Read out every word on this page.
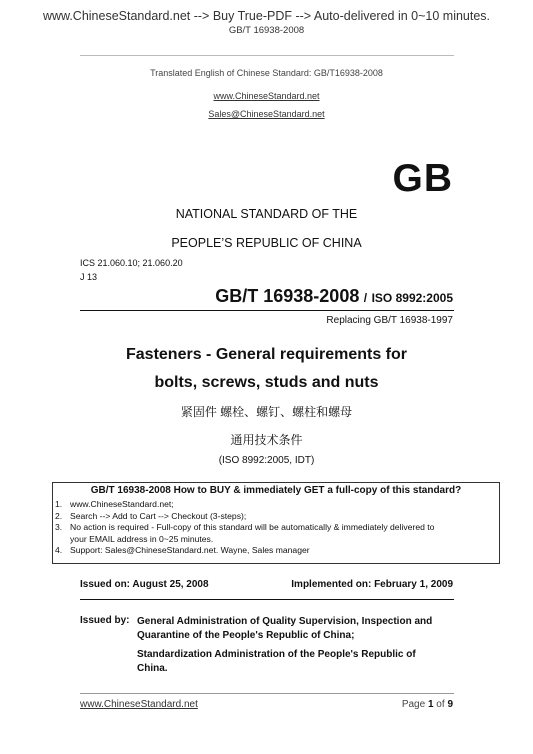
www.ChineseStandard.net --> Buy True-PDF --> Auto-delivered in 0~10 minutes.
GB/T 16938-2008
Translated English of Chinese Standard: GB/T16938-2008
www.ChineseStandard.net
Sales@ChineseStandard.net
GB
NATIONAL STANDARD OF THE
PEOPLE’S REPUBLIC OF CHINA
ICS 21.060.10; 21.060.20
J 13
GB/T 16938-2008 / ISO 8992:2005
Replacing GB/T 16938-1997
Fasteners - General requirements for
bolts, screws, studs and nuts
紧固件 螺栓、螺钉、螺柱和螺母
通用技术条件
(ISO 8992:2005, IDT)
GB/T 16938-2008 How to BUY & immediately GET a full-copy of this standard?
1. www.ChineseStandard.net;
2. Search --> Add to Cart --> Checkout (3-steps);
3. No action is required - Full-copy of this standard will be automatically & immediately delivered to
your EMAIL address in 0~25 minutes.
4. Support: Sales@ChineseStandard.net. Wayne, Sales manager
Issued on: August 25, 2008	Implemented on: February 1, 2009
Issued by: General Administration of Quality Supervision, Inspection and
Quarantine of the People's Republic of China;
Standardization Administration of the People's Republic of
China.
www.ChineseStandard.net	Page 1 of 9
